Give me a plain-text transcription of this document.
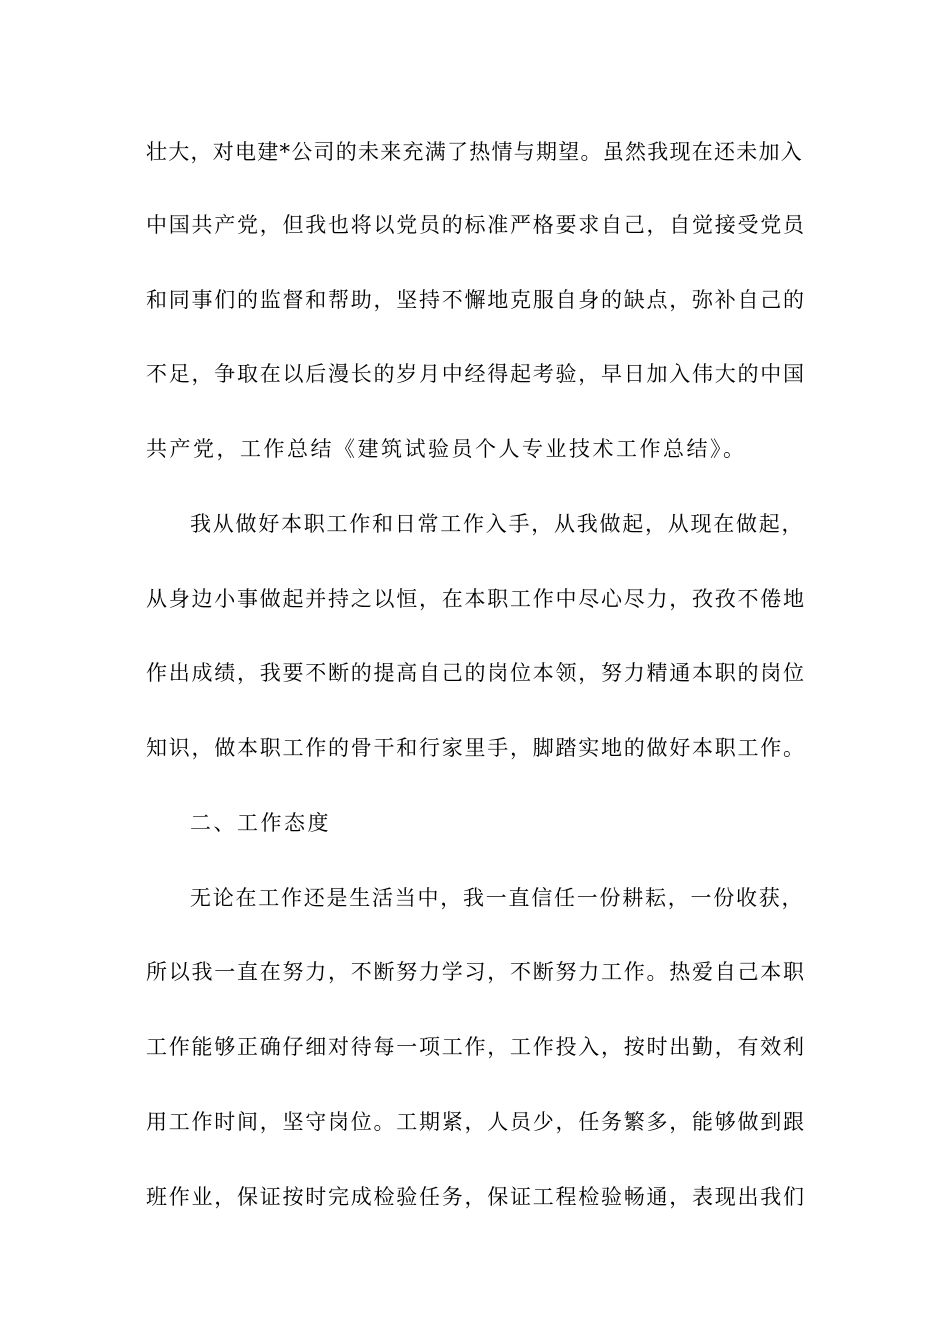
壮大，对电建*公司的未来充满了热情与期望。虽然我现在还未加入

中国共产党，但我也将以党员的标准严格要求自己，自觉接受党员

和同事们的监督和帮助，坚持不懈地克服自身的缺点，弥补自己的

不足，争取在以后漫长的岁月中经得起考验，早日加入伟大的中国

共产党，工作总结《建筑试验员个人专业技术工作总结》。

我从做好本职工作和日常工作入手，从我做起，从现在做起，

从身边小事做起并持之以恒，在本职工作中尽心尽力，孜孜不倦地

作出成绩，我要不断的提高自己的岗位本领，努力精通本职的岗位

知识，做本职工作的骨干和行家里手，脚踏实地的做好本职工作。

二、工作态度

无论在工作还是生活当中，我一直信任一份耕耘，一份收获，

所以我一直在努力，不断努力学习，不断努力工作。热爱自己本职

工作能够正确仔细对待每一项工作，工作投入，按时出勤，有效利

用工作时间，坚守岗位。工期紧，人员少，任务繁多，能够做到跟

班作业，保证按时完成检验任务，保证工程检验畅通，表现出我们
